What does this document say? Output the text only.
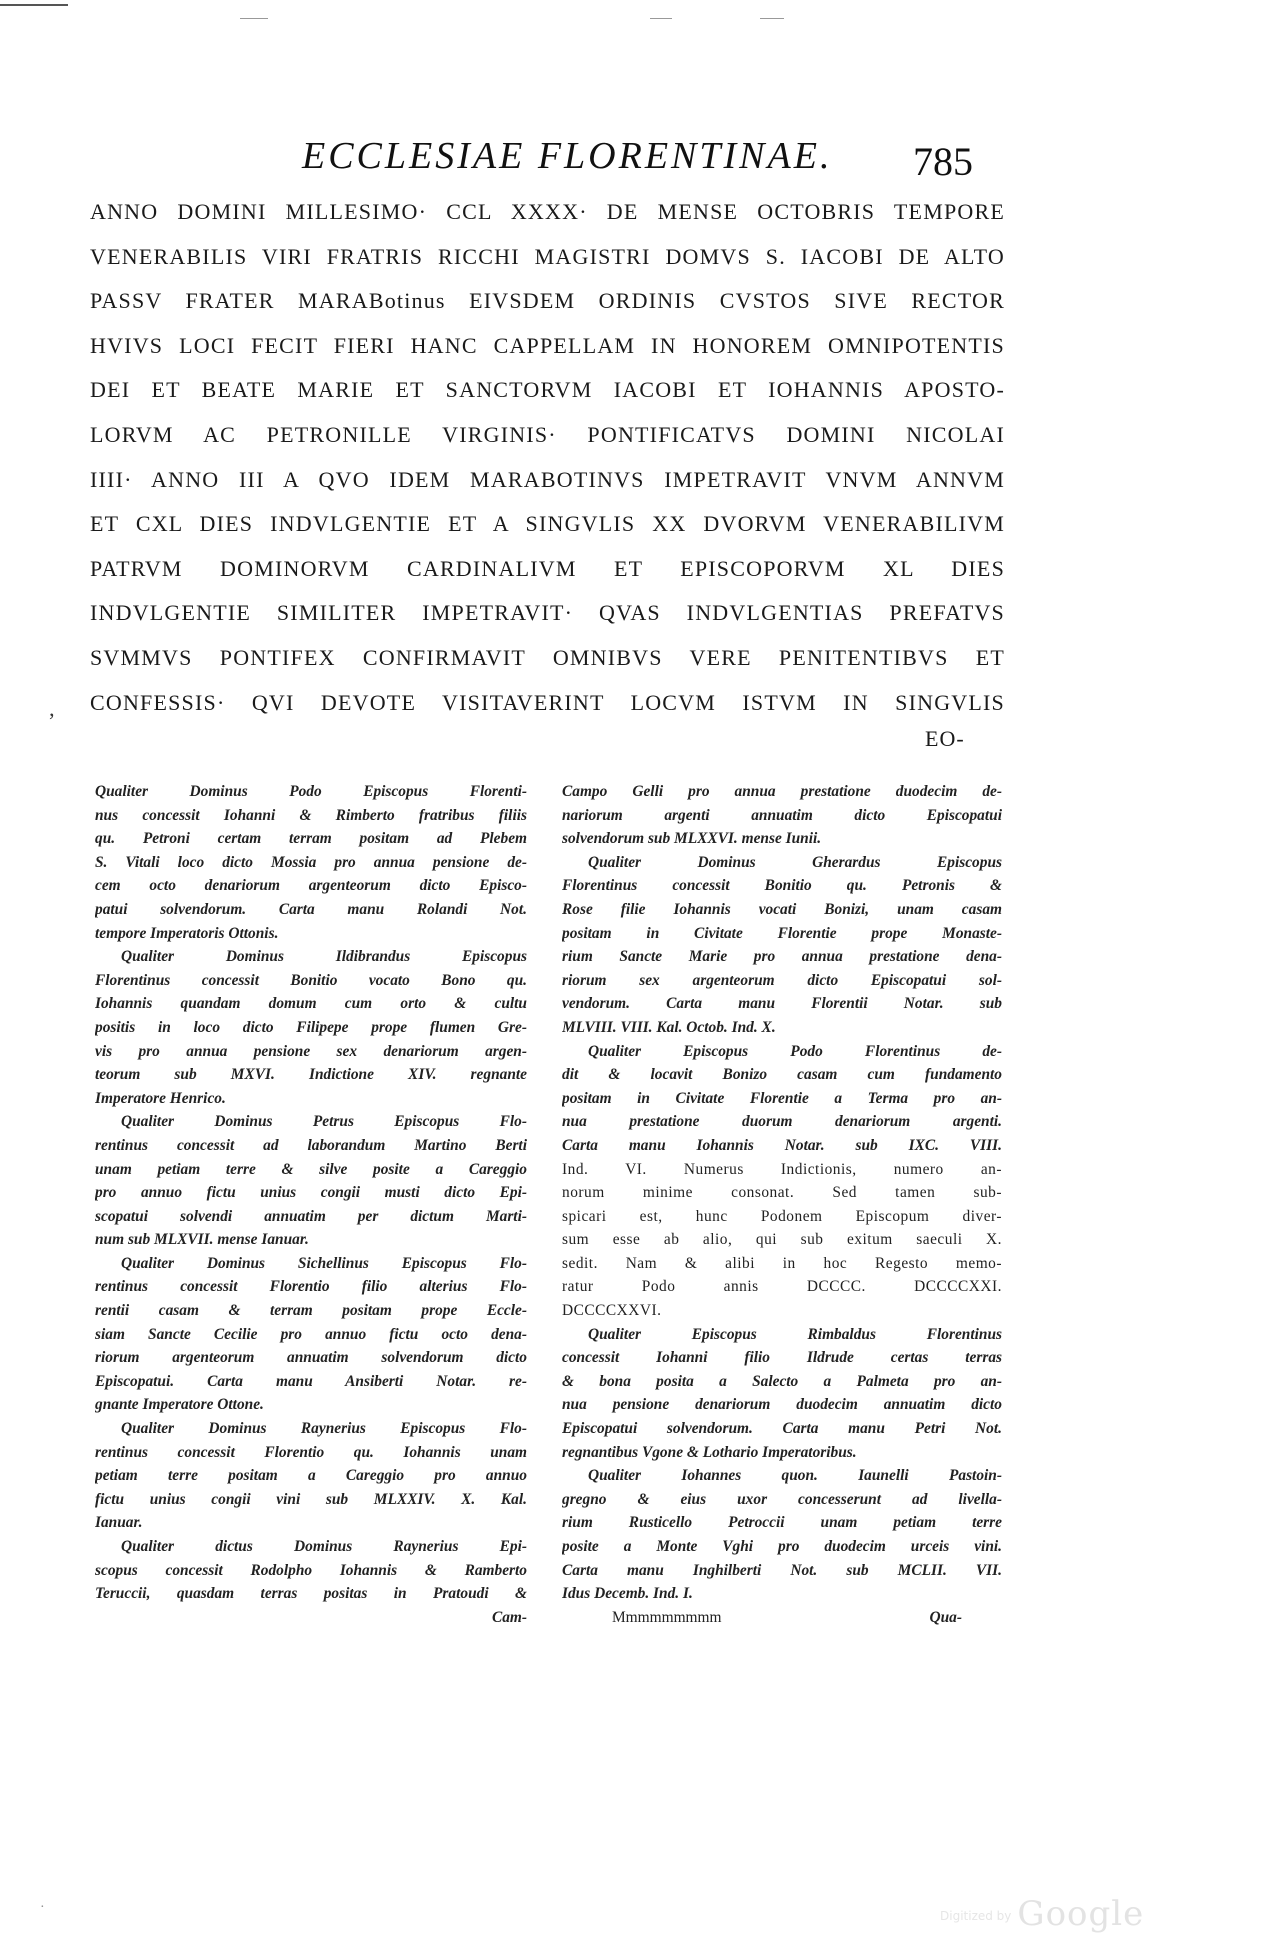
ECCLESIAE FLORENTINAE. 785
‚
ANNO DOMINI MILLESIMO· CCL XXXX· DE MENSE OCTOBRIS TEMPORE
VENERABILIS VIRI FRATRIS RICCHI MAGISTRI DOMVS S. IACOBI DE ALTO
PASSV FRATER MARABotinus EIVSDEM ORDINIS CVSTOS SIVE RECTOR
HVIVS LOCI FECIT FIERI HANC CAPPELLAM IN HONOREM OMNIPOTENTIS
DEI ET BEATE MARIE ET SANCTORVM IACOBI ET IOHANNIS APOSTO-
LORVM AC PETRONILLE VIRGINIS· PONTIFICATVS DOMINI NICOLAI
IIII· ANNO III A QVO IDEM MARABOTINVS IMPETRAVIT VNVM ANNVM
ET CXL DIES INDVLGENTIE ET A SINGVLIS XX DVORVM VENERABILIVM
PATRVM DOMINORVM CARDINALIVM ET EPISCOPORVM XL DIES
INDVLGENTIE SIMILITER IMPETRAVIT· QVAS INDVLGENTIAS PREFATVS
SVMMVS PONTIFEX CONFIRMAVIT OMNIBVS VERE PENITENTIBVS ET
CONFESSIS· QVI DEVOTE VISITAVERINT LOCVM ISTVM IN SINGVLIS
EO-
Qualiter Dominus Podo Episcopus Florenti-
nus concessit Iohanni & Rimberto fratribus filiis
qu. Petroni certam terram positam ad Plebem
S. Vitali loco dicto Mossia pro annua pensione de-
cem octo denariorum argenteorum dicto Episco-
patui solvendorum. Carta manu Rolandi Not.
tempore Imperatoris Ottonis.
Qualiter Dominus Ildibrandus Episcopus
Florentinus concessit Bonitio vocato Bono qu.
Iohannis quandam domum cum orto & cultu
positis in loco dicto Filipepe prope flumen Gre-
vis pro annua pensione sex denariorum argen-
teorum sub MXVI. Indictione XIV. regnante
Imperatore Henrico.
Qualiter Dominus Petrus Episcopus Flo-
rentinus concessit ad laborandum Martino Berti
unam petiam terre & silve posite a Careggio
pro annuo fictu unius congii musti dicto Epi-
scopatui solvendi annuatim per dictum Marti-
num sub MLXVII. mense Ianuar.
Qualiter Dominus Sichellinus Episcopus Flo-
rentinus concessit Florentio filio alterius Flo-
rentii casam & terram positam prope Eccle-
siam Sancte Cecilie pro annuo fictu octo dena-
riorum argenteorum annuatim solvendorum dicto
Episcopatui. Carta manu Ansiberti Notar. re-
gnante Imperatore Ottone.
Qualiter Dominus Raynerius Episcopus Flo-
rentinus concessit Florentio qu. Iohannis unam
petiam terre positam a Careggio pro annuo
fictu unius congii vini sub MLXXIV. X. Kal.
Ianuar.
Qualiter dictus Dominus Raynerius Epi-
scopus concessit Rodolpho Iohannis & Ramberto
Teruccii, quasdam terras positas in Pratoudi &
Cam-
Campo Gelli pro annua prestatione duodecim de-
nariorum argenti annuatim dicto Episcopatui
solvendorum sub MLXXVI. mense Iunii.
Qualiter Dominus Gherardus Episcopus
Florentinus concessit Bonitio qu. Petronis &
Rose filie Iohannis vocati Bonizi, unam casam
positam in Civitate Florentie prope Monaste-
rium Sancte Marie pro annua prestatione dena-
riorum sex argenteorum dicto Episcopatui sol-
vendorum. Carta manu Florentii Notar. sub
MLVIII. VIII. Kal. Octob. Ind. X.
Qualiter Episcopus Podo Florentinus de-
dit & locavit Bonizo casam cum fundamento
positam in Civitate Florentie a Terma pro an-
nua prestatione duorum denariorum argenti.
Carta manu Iohannis Notar. sub IXC. VIII.
Ind. VI. Numerus Indictionis, numero an-
norum minime consonat. Sed tamen sub-
spicari est, hunc Podonem Episcopum diver-
sum esse ab alio, qui sub exitum saeculi X.
sedit. Nam & alibi in hoc Regesto memo-
ratur Podo annis DCCCC. DCCCCXXI.
DCCCCXXVI.
Qualiter Episcopus Rimbaldus Florentinus
concessit Iohanni filio Ildrude certas terras
& bona posita a Salecto a Palmeta pro an-
nua pensione denariorum duodecim annuatim dicto
Episcopatui solvendorum. Carta manu Petri Not.
regnantibus Vgone & Lothario Imperatoribus.
Qualiter Iohannes quon. Iaunelli Pastoin-
gregno & eius uxor concesserunt ad livella-
rium Rusticello Petroccii unam petiam terre
posite a Monte Vghi pro duodecim urceis vini.
Carta manu Inghilberti Not. sub MCLII. VII.
Idus Decemb. Ind. I.
Mmmmmmmmm	Qua-
·
Digitized by Google
